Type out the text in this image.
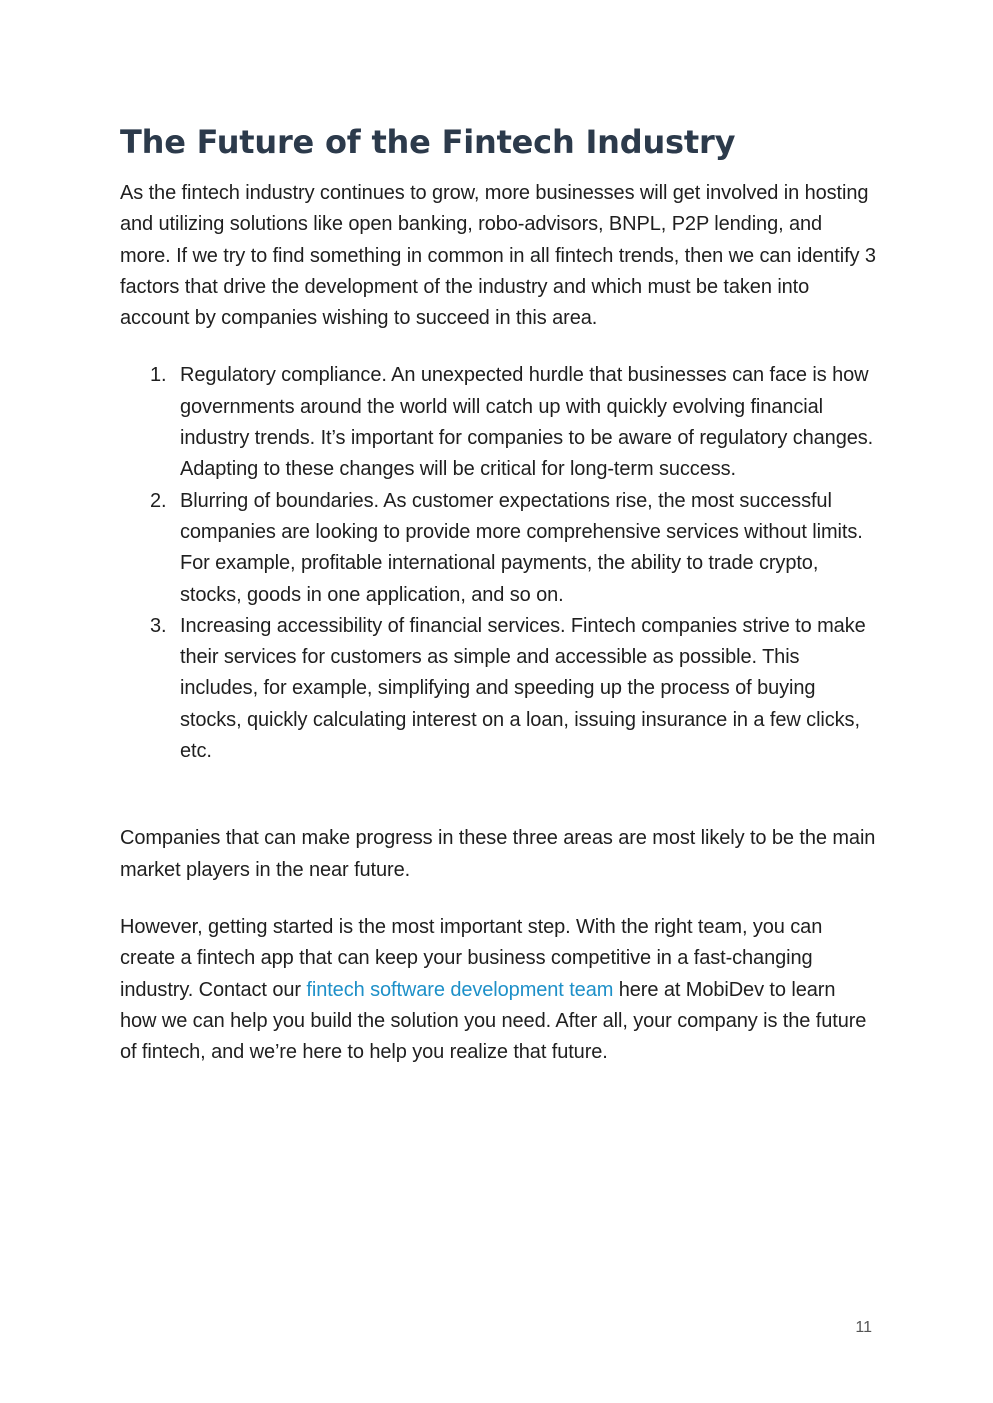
The Future of the Fintech Industry

As the fintech industry continues to grow, more businesses will get involved in hosting and utilizing solutions like open banking, robo-advisors, BNPL, P2P lending, and more. If we try to find something in common in all fintech trends, then we can identify 3 factors that drive the development of the industry and which must be taken into account by companies wishing to succeed in this area.

1. Regulatory compliance. An unexpected hurdle that businesses can face is how governments around the world will catch up with quickly evolving financial industry trends. It’s important for companies to be aware of regulatory changes. Adapting to these changes will be critical for long-term success.
2. Blurring of boundaries. As customer expectations rise, the most successful companies are looking to provide more comprehensive services without limits. For example, profitable international payments, the ability to trade crypto, stocks, goods in one application, and so on.
3. Increasing accessibility of financial services. Fintech companies strive to make their services for customers as simple and accessible as possible. This includes, for example, simplifying and speeding up the process of buying stocks, quickly calculating interest on a loan, issuing insurance in a few clicks, etc.

Companies that can make progress in these three areas are most likely to be the main market players in the near future.

However, getting started is the most important step. With the right team, you can create a fintech app that can keep your business competitive in a fast-changing industry. Contact our fintech software development team here at MobiDev to learn how we can help you build the solution you need. After all, your company is the future of fintech, and we’re here to help you realize that future.

11
